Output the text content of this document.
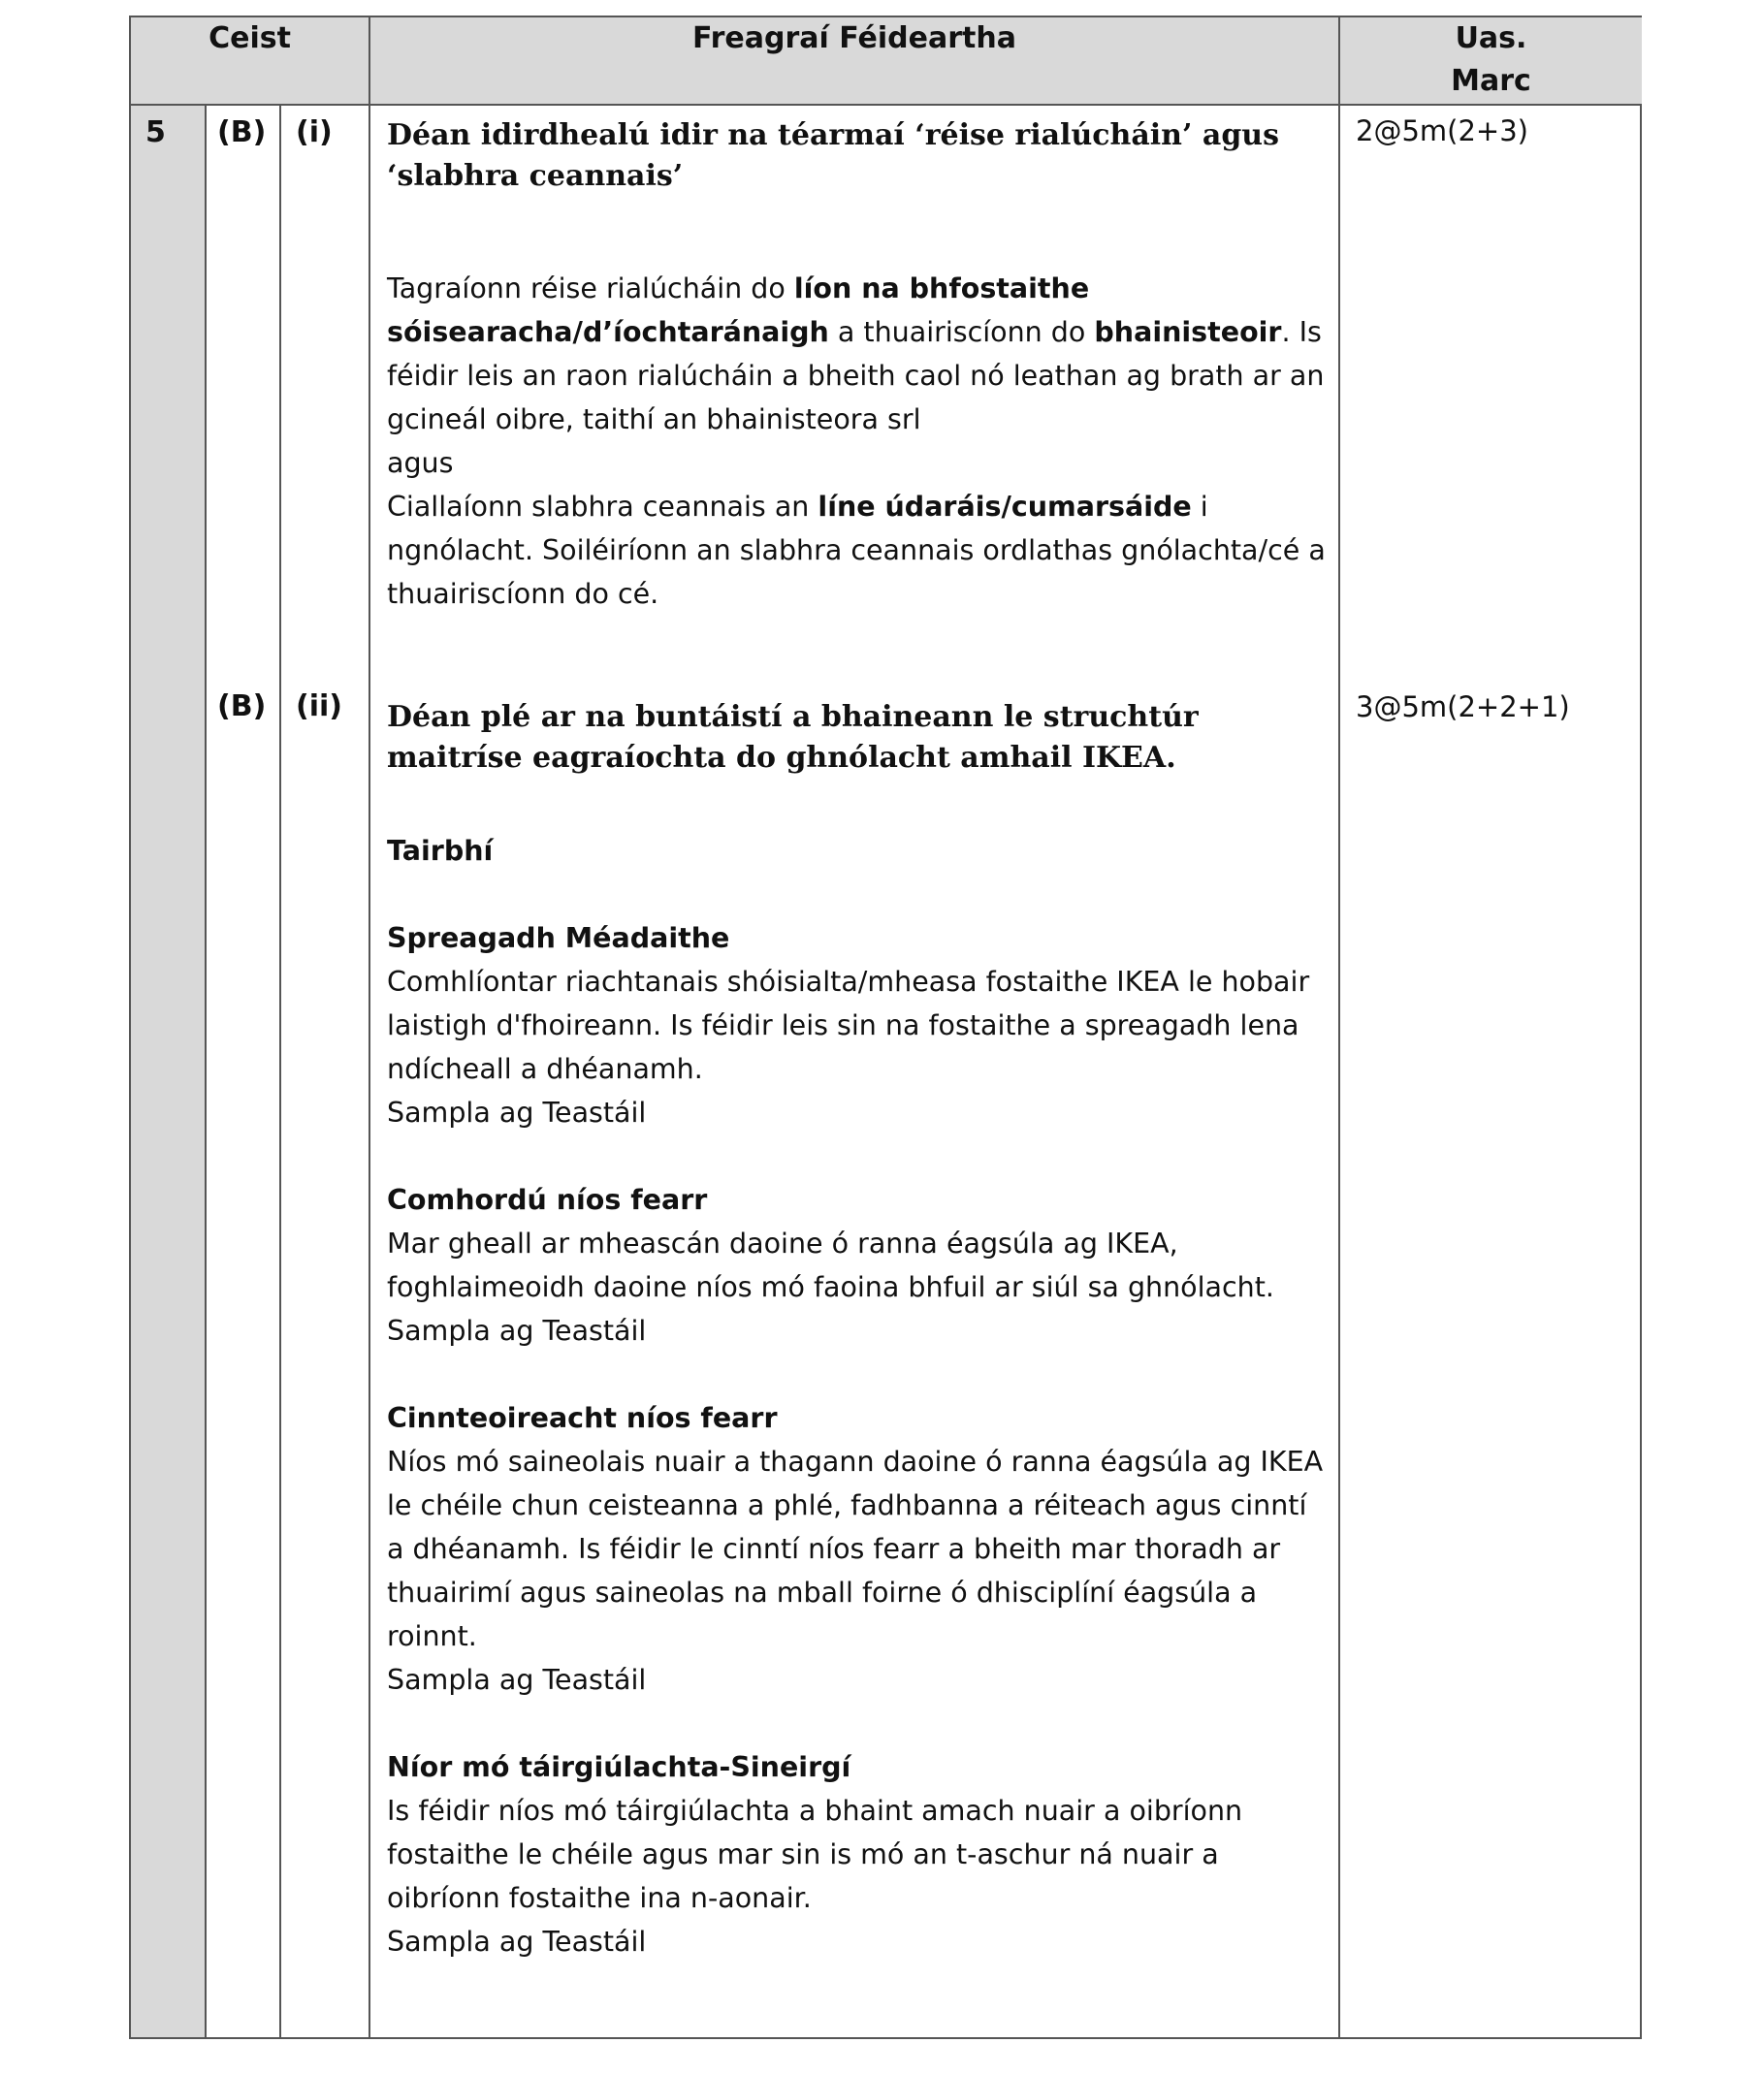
Ceist	Freagraí Féideartha	Uas.
Marc
5 (B)
(B)
(i)
(ii)

Déan idirdhealú idir na téarmaí ‘réise rialúcháin’ agus ‘slabhra ceannais’

Tagraíonn réise rialúcháin do líon na bhfostaithe sóisearacha/d’íochtaránaigh a thuairiscíonn do bhainisteoir. Is féidir leis an raon rialúcháin a bheith caol nó leathan ag brath ar an gcineál oibre, taithí an bhainisteora srl

agus

Ciallaíonn slabhra ceannais an líne údaráis/cumarsáide i ngnólacht. Soiléiríonn an slabhra ceannais ordlathas gnólachta/cé a thuairiscíonn do cé.

Déan plé ar na buntáistí a bhaineann le struchtúr maitríse eagraíochta do ghnólacht amhail IKEA.

Tairbhí

Spreagadh Méadaithe

Comhlíontar riachtanais shóisialta/mheasa fostaithe IKEA le hobair laistigh d'fhoireann. Is féidir leis sin na fostaithe a spreagadh lena ndícheall a dhéanamh.

Sampla ag Teastáil

Comhordú níos fearr

Mar gheall ar mheascán daoine ó ranna éagsúla ag IKEA, foghlaimeoidh daoine níos mó faoina bhfuil ar siúl sa ghnólacht.

Sampla ag Teastáil

Cinnteoireacht níos fearr

Níos mó saineolais nuair a thagann daoine ó ranna éagsúla ag IKEA le chéile chun ceisteanna a phlé, fadhbanna a réiteach agus cinntí a dhéanamh. Is féidir le cinntí níos fearr a bheith mar thoradh ar thuairimí agus saineolas na mball foirne ó dhisciplíní éagsúla a roinnt.

Sampla ag Teastáil

Níor mó táirgiúlachta-Sineirgí

Is féidir níos mó táirgiúlachta a bhaint amach nuair a oibríonn fostaithe le chéile agus mar sin is mó an t-aschur ná nuair a oibríonn fostaithe ina n-aonair.

Sampla ag Teastáil

2@5m(2+3)
3@5m(2+2+1)
